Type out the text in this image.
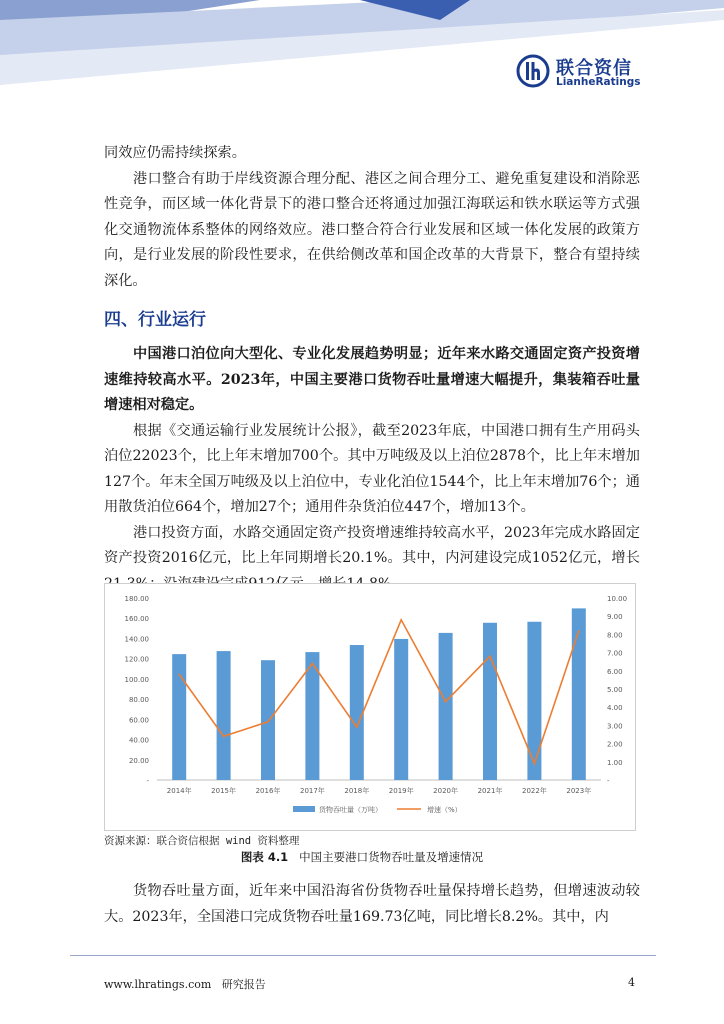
联合资信
LianheRatings

同效应仍需持续探索。

港口整合有助于岸线资源合理分配、港区之间合理分工、避免重复建设和消除恶性竞争，而区域一体化背景下的港口整合还将通过加强江海联运和铁水联运等方式强化交通物流体系整体的网络效应。港口整合符合行业发展和区域一体化发展的政策方向，是行业发展的阶段性要求，在供给侧改革和国企改革的大背景下，整合有望持续深化。

四、行业运行

中国港口泊位向大型化、专业化发展趋势明显；近年来水路交通固定资产投资增速维持较高水平。2023年，中国主要港口货物吞吐量增速大幅提升，集装箱吞吐量增速相对稳定。

根据《交通运输行业发展统计公报》，截至2023年底，中国港口拥有生产用码头泊位22023个，比上年末增加700个。其中万吨级及以上泊位2878个，比上年末增加127个。年末全国万吨级及以上泊位中，专业化泊位1544个，比上年末增加76个；通用散货泊位664个，增加27个；通用件杂货泊位447个，增加13个。

港口投资方面，水路交通固定资产投资增速维持较高水平，2023年完成水路固定资产投资2016亿元，比上年同期增长20.1%。其中，内河建设完成1052亿元，增长

-
20.00
40.00
60.00
80.00
100.00
120.00
140.00
160.00
180.00
-
1.00
2.00
3.00
4.00
5.00
6.00
7.00
8.00
9.00
10.00
2014年	2015年	2016年	2017年	2018年	2019年	2020年	2021年	2022年	2023年
货物吞吐量（万吨）	增速（%）
资源来源：联合资信根据 wind 资料整理
图表 4.1 中国主要港口货物吞吐量及增速情况

货物吞吐量方面，近年来中国沿海省份货物吞吐量保持增长趋势，但增速波动较大。2023年，全国港口完成货物吞吐量169.73亿吨，同比增长8.2%。其中，内

www.lhratings.com 研究报告	4
